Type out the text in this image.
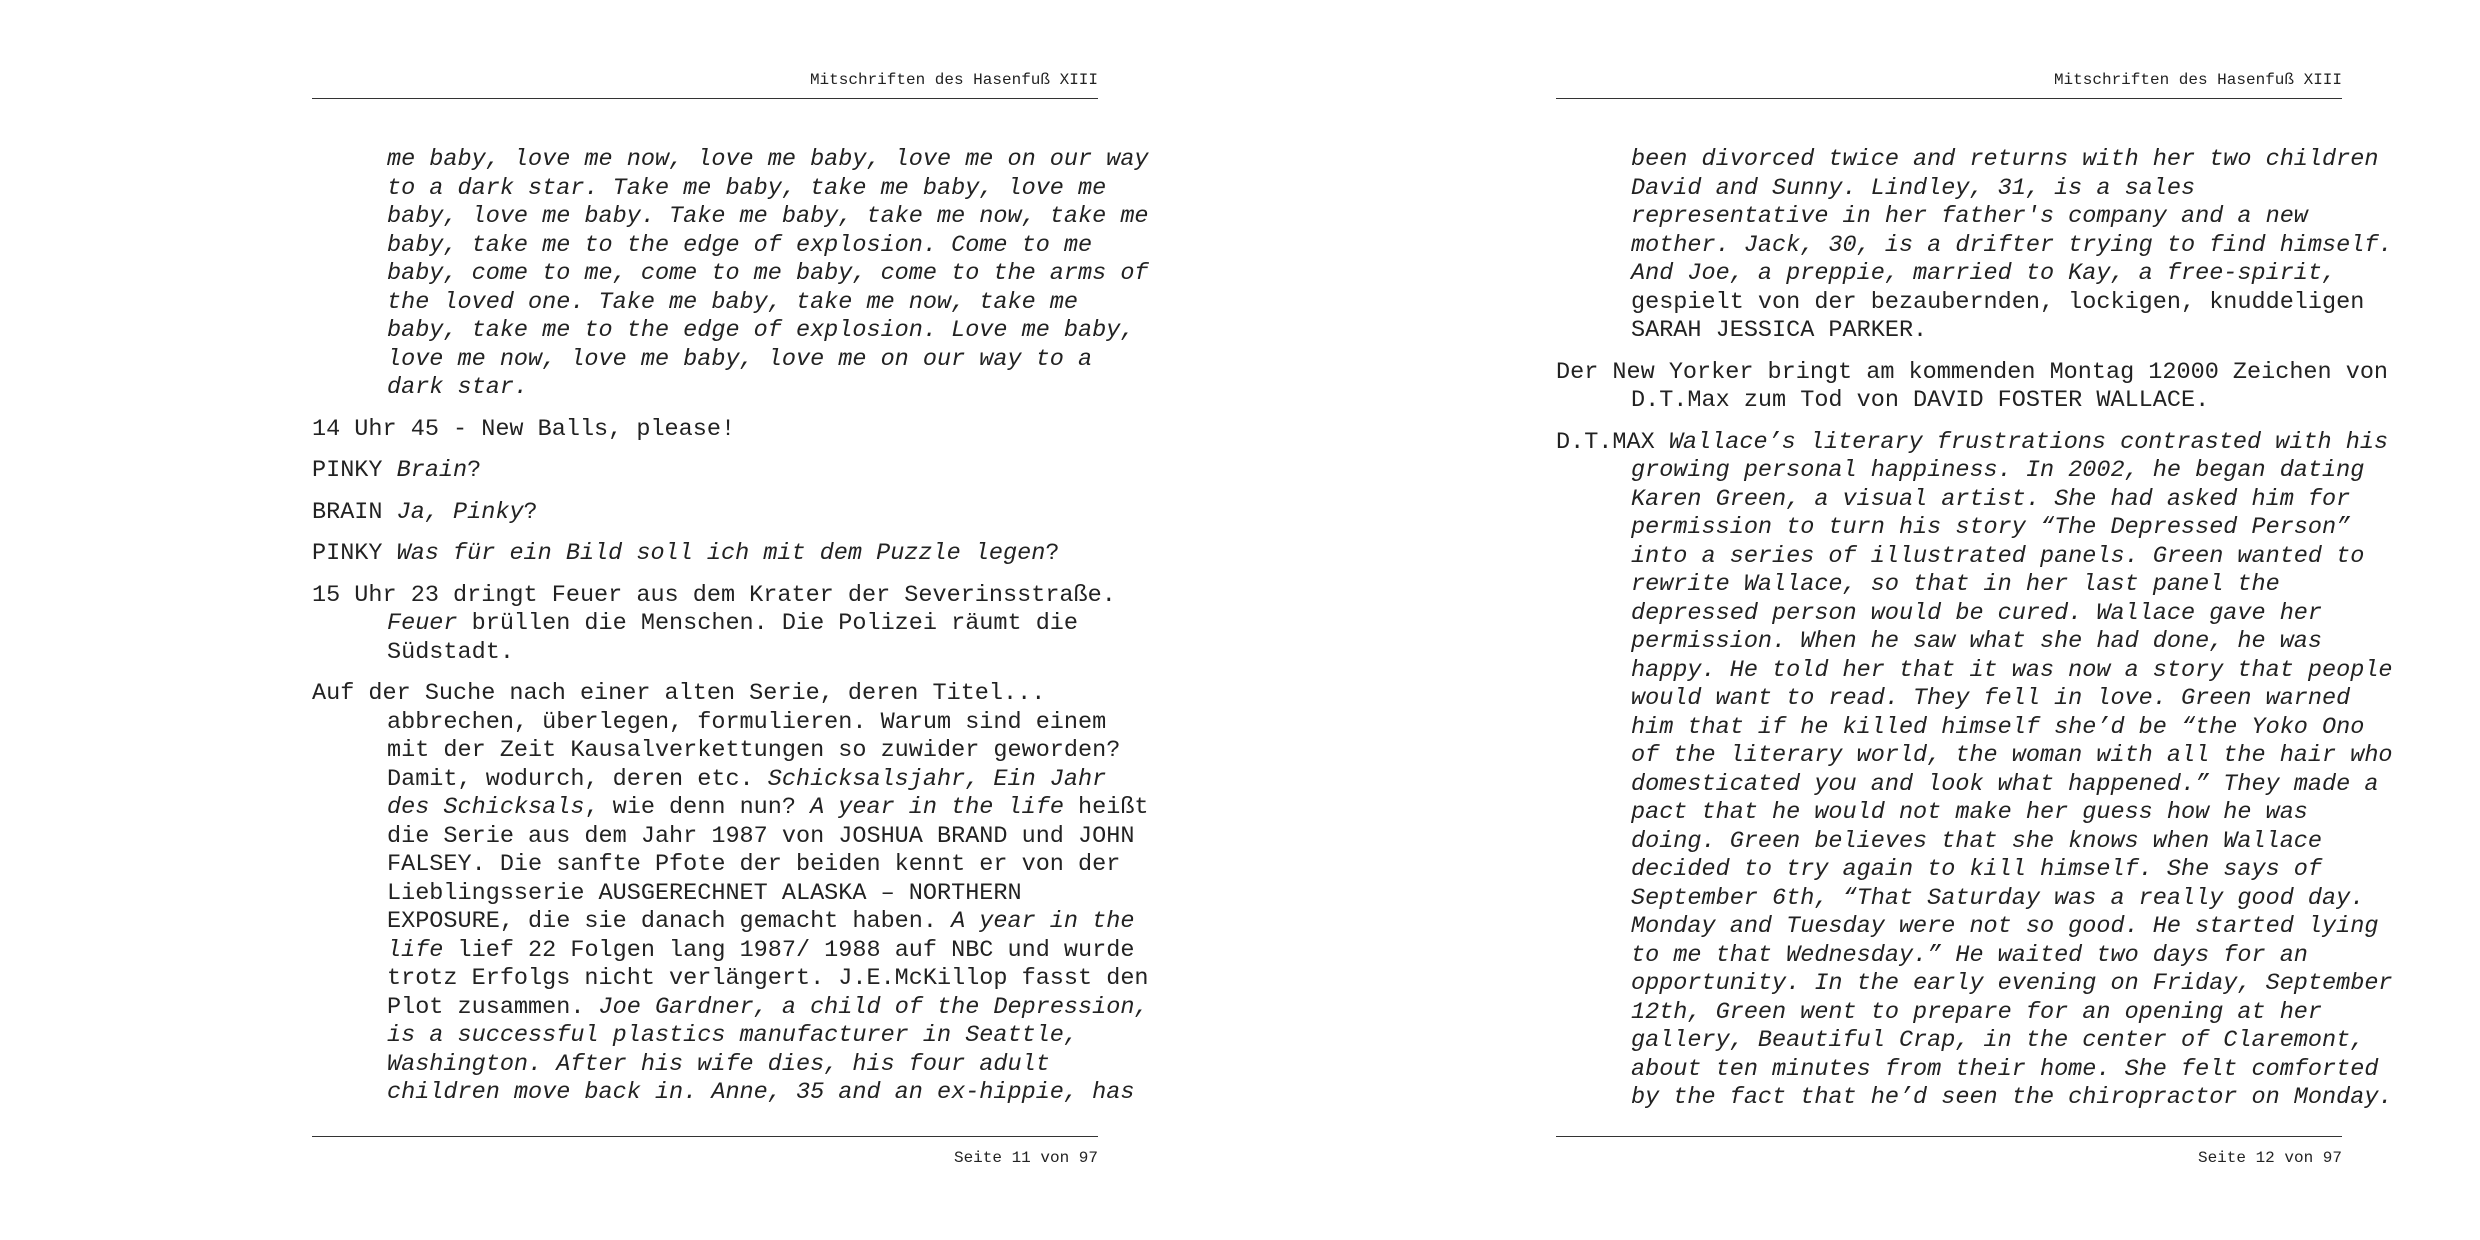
Mitschriften des Hasenfuß XIII
me baby, love me now, love me baby, love me on our way
to a dark star. Take me baby, take me baby, love me
baby, love me baby. Take me baby, take me now, take me
baby, take me to the edge of explosion. Come to me
baby, come to me, come to me baby, come to the arms of
the loved one. Take me baby, take me now, take me
baby, take me to the edge of explosion. Love me baby,
love me now, love me baby, love me on our way to a
dark star.
14 Uhr 45 - New Balls, please!
PINKY Brain?
BRAIN Ja, Pinky?
PINKY Was für ein Bild soll ich mit dem Puzzle legen?
15 Uhr 23 dringt Feuer aus dem Krater der Severinsstraße.
Feuer brüllen die Menschen. Die Polizei räumt die
Südstadt.
Auf der Suche nach einer alten Serie, deren Titel...
abbrechen, überlegen, formulieren. Warum sind einem
mit der Zeit Kausalverkettungen so zuwider geworden?
Damit, wodurch, deren etc. Schicksalsjahr, Ein Jahr
des Schicksals, wie denn nun? A year in the life heißt
die Serie aus dem Jahr 1987 von JOSHUA BRAND und JOHN
FALSEY. Die sanfte Pfote der beiden kennt er von der
Lieblingsserie AUSGERECHNET ALASKA – NORTHERN
EXPOSURE, die sie danach gemacht haben. A year in the
life lief 22 Folgen lang 1987/ 1988 auf NBC und wurde
trotz Erfolgs nicht verlängert. J.E.McKillop fasst den
Plot zusammen. Joe Gardner, a child of the Depression,
is a successful plastics manufacturer in Seattle,
Washington. After his wife dies, his four adult
children move back in. Anne, 35 and an ex-hippie, has
Seite 11 von 97
Mitschriften des Hasenfuß XIII
been divorced twice and returns with her two children
David and Sunny. Lindley, 31, is a sales
representative in her father's company and a new
mother. Jack, 30, is a drifter trying to find himself.
And Joe, a preppie, married to Kay, a free-spirit,
gespielt von der bezaubernden, lockigen, knuddeligen
SARAH JESSICA PARKER.
Der New Yorker bringt am kommenden Montag 12000 Zeichen von
D.T.Max zum Tod von DAVID FOSTER WALLACE.
D.T.MAX Wallace’s literary frustrations contrasted with his
growing personal happiness. In 2002, he began dating
Karen Green, a visual artist. She had asked him for
permission to turn his story “The Depressed Person”
into a series of illustrated panels. Green wanted to
rewrite Wallace, so that in her last panel the
depressed person would be cured. Wallace gave her
permission. When he saw what she had done, he was
happy. He told her that it was now a story that people
would want to read. They fell in love. Green warned
him that if he killed himself she’d be “the Yoko Ono
of the literary world, the woman with all the hair who
domesticated you and look what happened.” They made a
pact that he would not make her guess how he was
doing. Green believes that she knows when Wallace
decided to try again to kill himself. She says of
September 6th, “That Saturday was a really good day.
Monday and Tuesday were not so good. He started lying
to me that Wednesday.” He waited two days for an
opportunity. In the early evening on Friday, September
12th, Green went to prepare for an opening at her
gallery, Beautiful Crap, in the center of Claremont,
about ten minutes from their home. She felt comforted
by the fact that he’d seen the chiropractor on Monday.
Seite 12 von 97
